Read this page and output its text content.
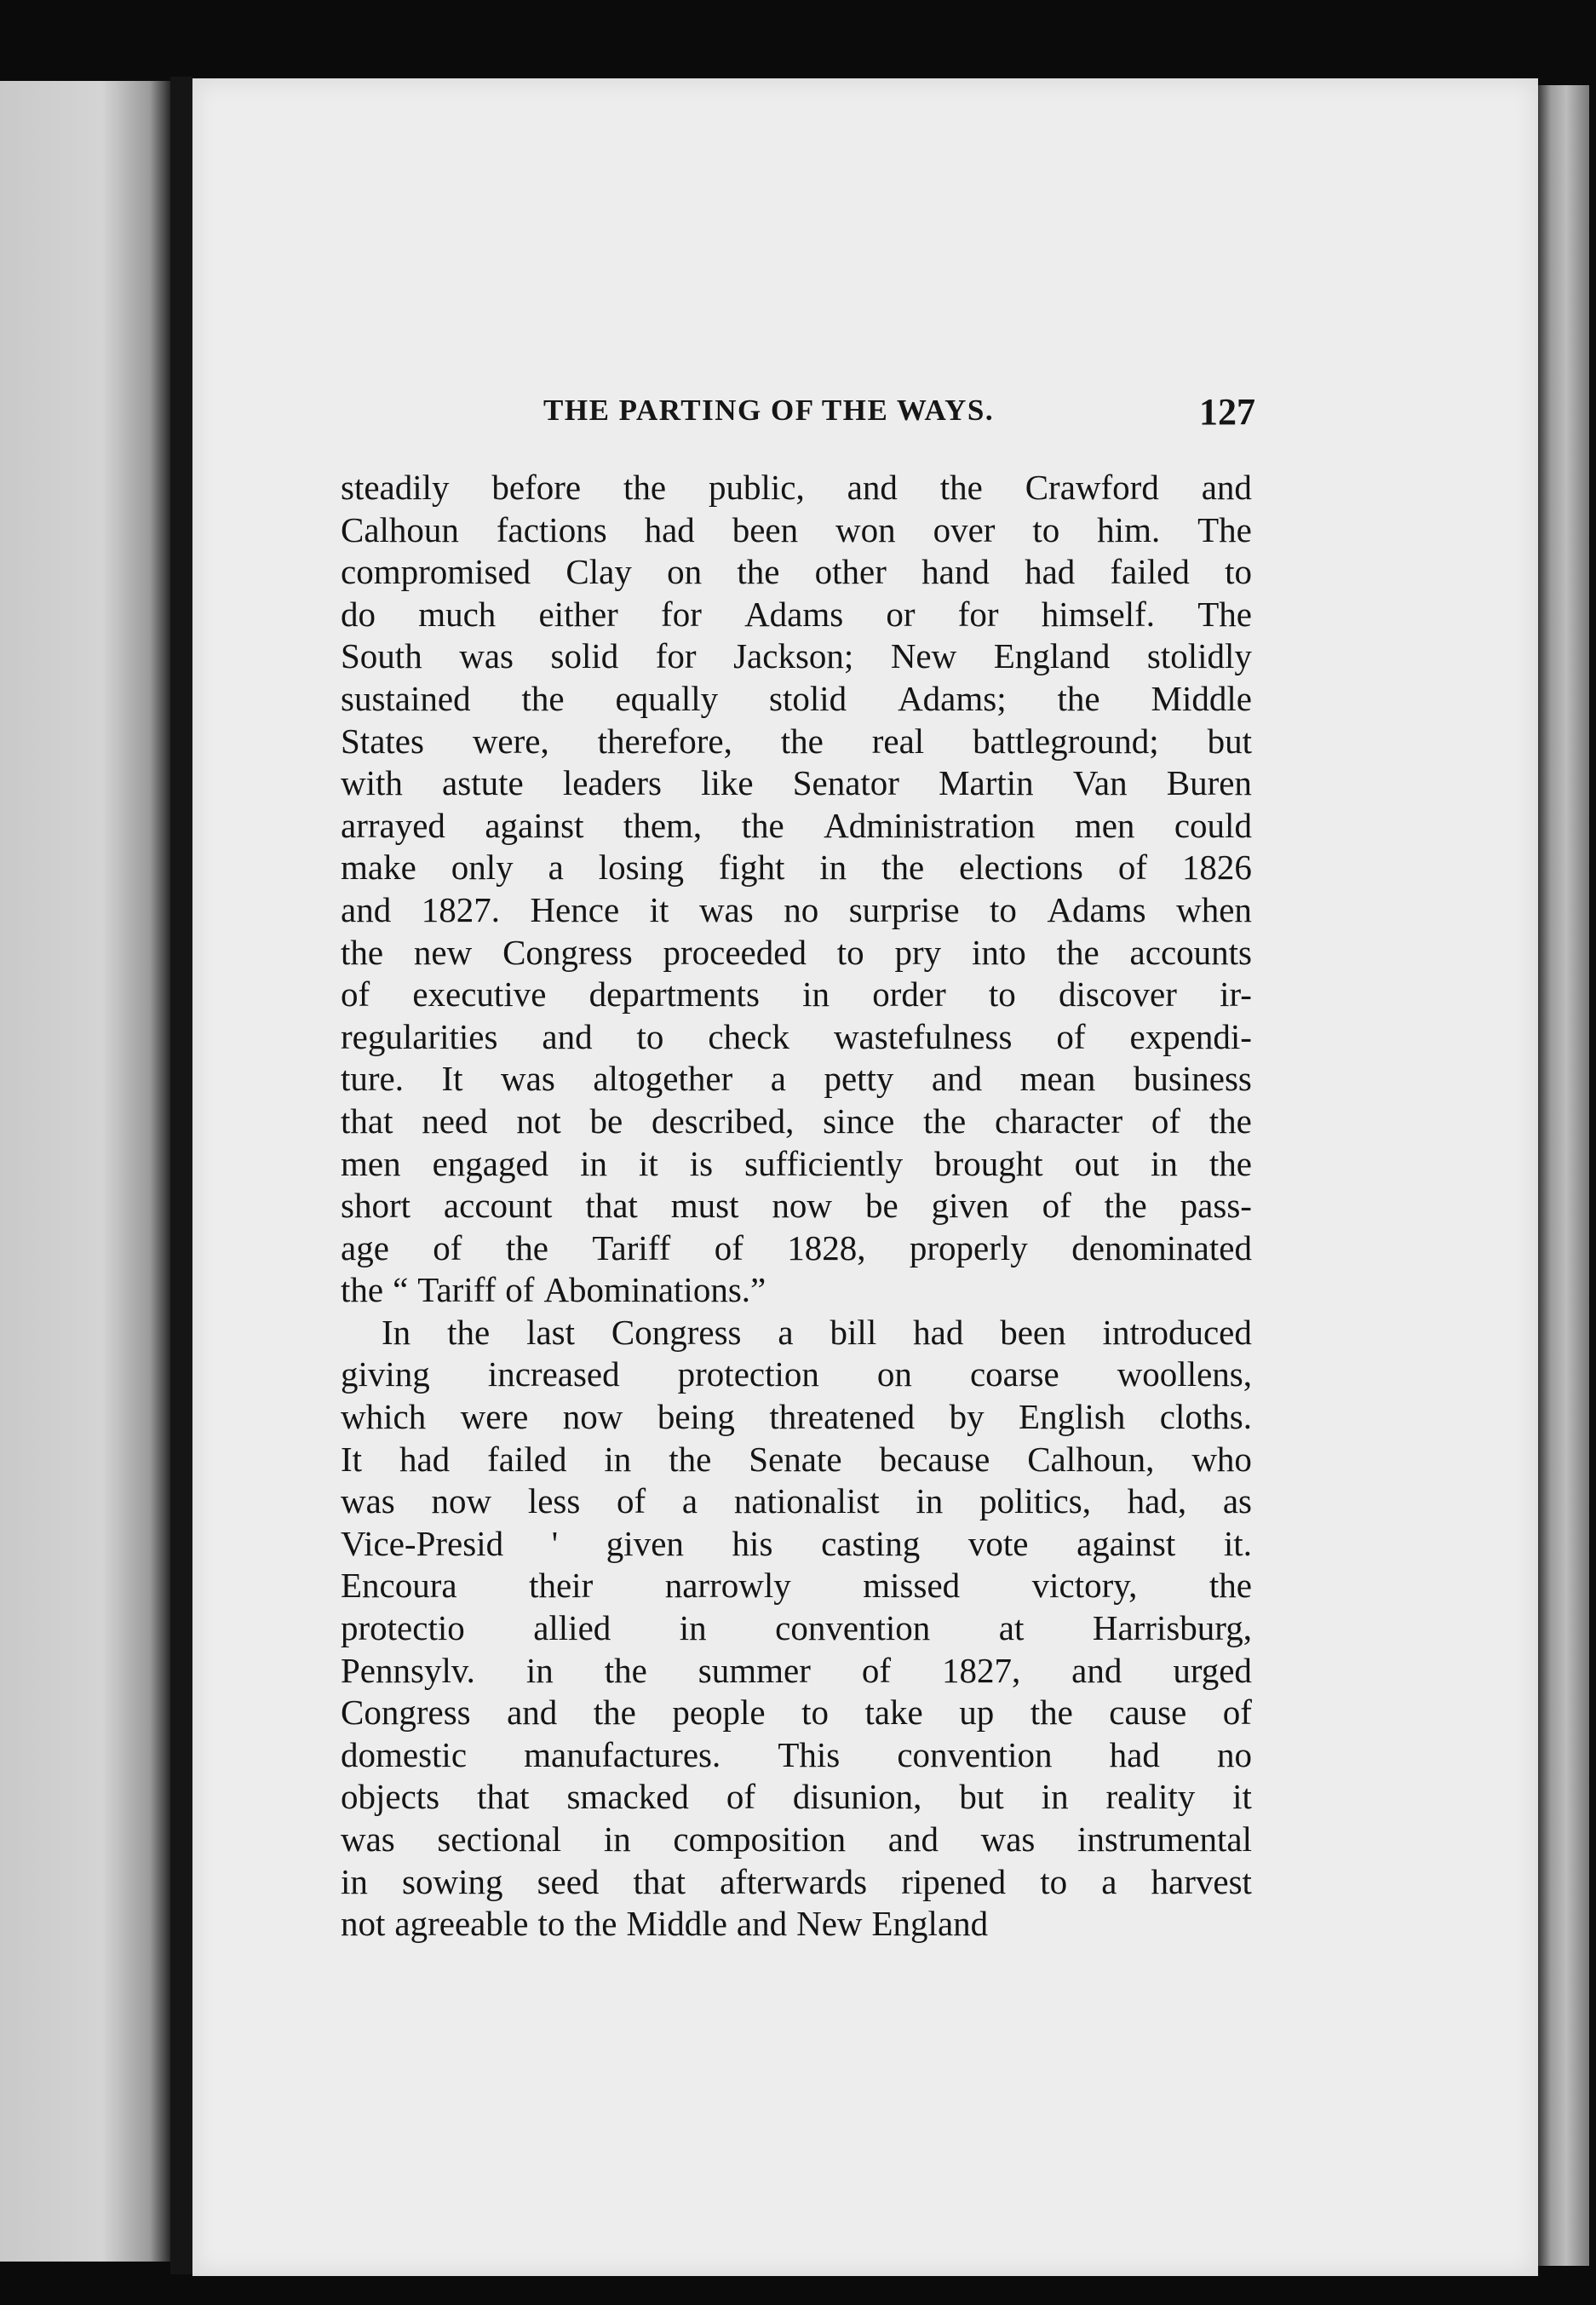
THE PARTING OF THE WAYS.	127
steadily before the public, and the Crawford and
Calhoun factions had been won over to him. The
compromised Clay on the other hand had failed to
do much either for Adams or for himself. The
South was solid for Jackson; New England stolidly
sustained the equally stolid Adams; the Middle
States were, therefore, the real battleground; but
with astute leaders like Senator Martin Van Buren
arrayed against them, the Administration men could
make only a losing fight in the elections of 1826
and 1827. Hence it was no surprise to Adams when
the new Congress proceeded to pry into the accounts
of executive departments in order to discover ir-
regularities and to check wastefulness of expendi-
ture. It was altogether a petty and mean business
that need not be described, since the character of the
men engaged in it is sufficiently brought out in the
short account that must now be given of the pass-
age of the Tariff of 1828, properly denominated
the “ Tariff of Abominations.”
In the last Congress a bill had been introduced
giving increased protection on coarse woollens,
which were now being threatened by English cloths.
It had failed in the Senate because Calhoun, who
was now less of a nationalist in politics, had, as
Vice-Presid ' given his casting vote against it.
Encoura their narrowly missed victory, the
protectio allied in convention at Harrisburg,
Pennsylv. in the summer of 1827, and urged
Congress and the people to take up the cause of
domestic manufactures. This convention had no
objects that smacked of disunion, but in reality it
was sectional in composition and was instrumental
in sowing seed that afterwards ripened to a harvest
not agreeable to the Middle and New England
